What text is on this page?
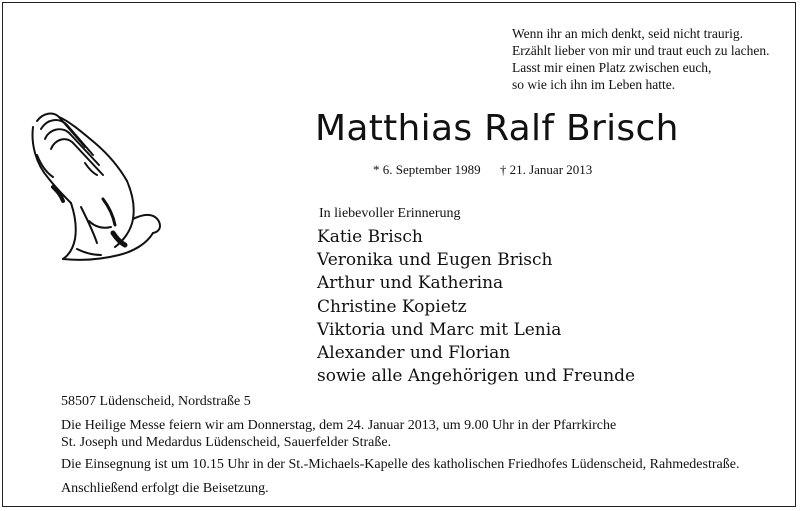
Wenn ihr an mich denkt, seid nicht traurig.
Erzählt lieber von mir und traut euch zu lachen.
Lasst mir einen Platz zwischen euch,
so wie ich ihn im Leben hatte.
Matthias Ralf Brisch
* 6. September 1989 † 21. Januar 2013
In liebevoller Erinnerung
Katie Brisch
Veronika und Eugen Brisch
Arthur und Katherina
Christine Kopietz
Viktoria und Marc mit Lenia
Alexander und Florian
sowie alle Angehörigen und Freunde
58507 Lüdenscheid, Nordstraße 5
Die Heilige Messe feiern wir am Donnerstag, dem 24. Januar 2013, um 9.00 Uhr in der Pfarrkirche
St. Joseph und Medardus Lüdenscheid, Sauerfelder Straße.
Die Einsegnung ist um 10.15 Uhr in der St.-Michaels-Kapelle des katholischen Friedhofes Lüdenscheid, Rahmedestraße.
Anschließend erfolgt die Beisetzung.
